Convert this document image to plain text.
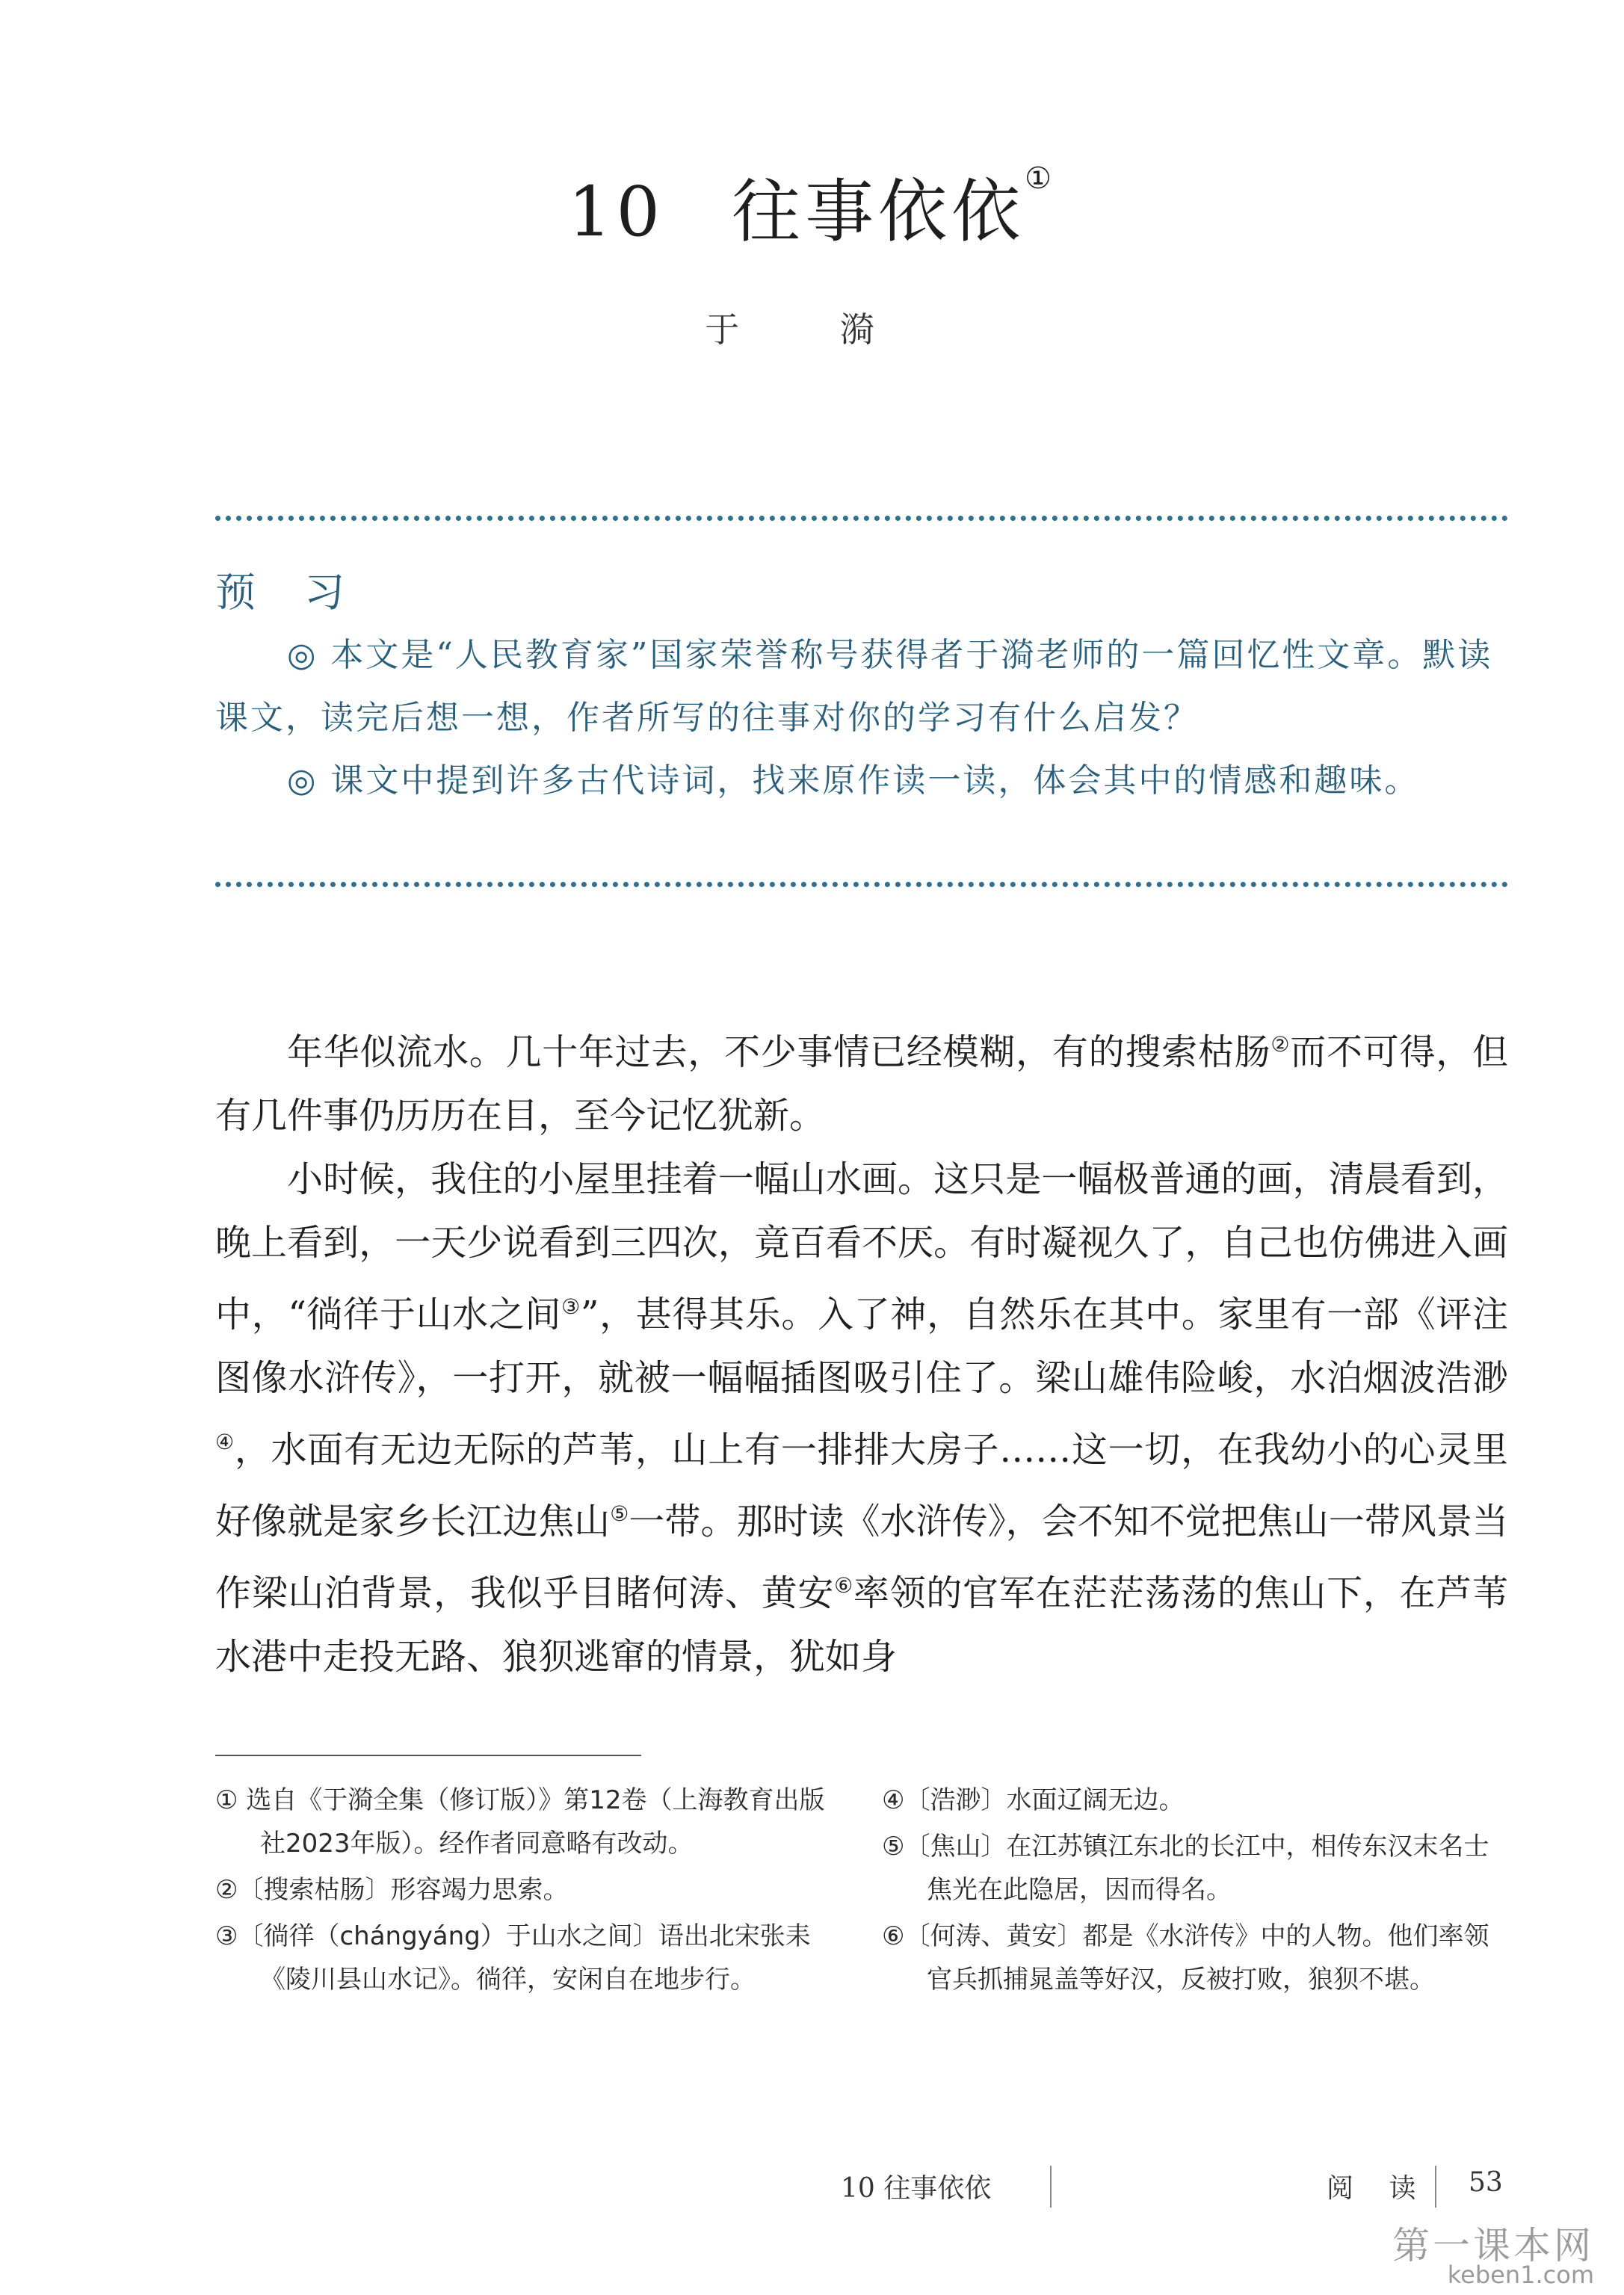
10 往事依依①
于 漪
预 习

◎ 本文是“人民教育家”国家荣誉称号获得者于漪老师的一篇回忆性文章。默读课文，读完后想一想，作者所写的往事对你的学习有什么启发？

◎ 课文中提到许多古代诗词，找来原作读一读，体会其中的情感和趣味。

年华似流水。几十年过去，不少事情已经模糊，有的搜索枯肠②而不可得，但有几件事仍历历在目，至今记忆犹新。

小时候，我住的小屋里挂着一幅山水画。这只是一幅极普通的画，清晨看到，晚上看到，一天少说看到三四次，竟百看不厌。有时凝视久了，自己也仿佛进入画中，“徜徉于山水之间③”，甚得其乐。入了神，自然乐在其中。家里有一部《评注图像水浒传》，一打开，就被一幅幅插图吸引住了。梁山雄伟险峻，水泊烟波浩渺④，水面有无边无际的芦苇，山上有一排排大房子……这一切，在我幼小的心灵里好像就是家乡长江边焦山⑤一带。那时读《水浒传》，会不知不觉把焦山一带风景当作梁山泊背景，我似乎目睹何涛、黄安⑥率领的官军在茫茫荡荡的焦山下，在芦苇水港中走投无路、狼狈逃窜的情景，犹如身

① 选自《于漪全集（修订版）》第12卷（上海教育出版社2023年版）。经作者同意略有改动。

②〔搜索枯肠〕形容竭力思索。

③〔徜徉（chángyáng）于山水之间〕语出北宋张耒《陵川县山水记》。徜徉，安闲自在地步行。

④〔浩渺〕水面辽阔无边。

⑤〔焦山〕在江苏镇江东北的长江中，相传东汉末名士焦光在此隐居，因而得名。

⑥〔何涛、黄安〕都是《水浒传》中的人物。他们率领官兵抓捕晁盖等好汉，反被打败，狼狈不堪。

10 往事依依	阅 读 53
第一课本网
keben1.com
